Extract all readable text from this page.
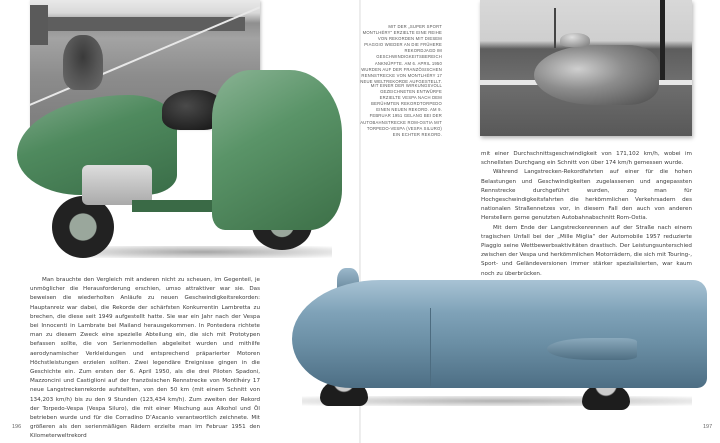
MIT DER „SUPER SPORT MONTLHÉRY“ ERZIELTE EINE REIHE VON REKORDEN MIT DIESEM PIAGGIO WIEDER AN DIE FRÜHERE REKORDJAGD IM GESCHWINDIGKEITSBEREICH ANKNÜPFTE. AM 6. APRIL 1950 WURDEN AUF DER FRANZÖSISCHEN RENNSTRECKE VON MONTLHÉRY 17 NEUE WELTREKORDE AUFGESTELLT.
MIT EINER DER WIRKUNGSVOLL GEZEICHNETEN ENTWÜRFE ERZIELTE VESPA NACH DEM BERÜHMTEN REKORDTORPEDO EINEN NEUEN REKORD. AM 9. FEBRUAR 1951 GELANG BEI DER AUTOBAHNSTRECKE ROM-OSTIA MIT TORPEDO-VESPA (VESPA SILURO) EIN ECHTER REKORD.

mit einer Durchschnittsgeschwindigkeit von 171,102 km/h, wobei im schnellsten Durchgang ein Schnitt von über 174 km/h gemessen wurde.

Während Langstrecken-Rekordfahrten auf einer für die hohen Belastungen und Geschwindigkeiten zugelassenen und angepassten Rennstrecke durchgeführt wurden, zog man für Hochgeschwindigkeitsfahrten die herkömmlichen Verkehrsadern des nationalen Straßennetzes vor, in diesem Fall den auch von anderen Herstellern gerne genutzten Autobahnabschnitt Rom-Ostia.

Mit dem Ende der Langstreckenrennen auf der Straße nach einem tragischen Unfall bei der „Mille Miglia“ der Automobile 1957 reduzierte Piaggio seine Wettbewerbsaktivitäten drastisch. Der Leistungsunterschied zwischen der Vespa und herkömmlichen Motorrädern, die sich mit Touring-, Sport- und Geländeversionen immer stärker spezialisierten, war kaum noch zu überbrücken.

Man brauchte den Vergleich mit anderen nicht zu scheuen, im Gegenteil, je unmöglicher die Herausforderung erschien, umso attraktiver war sie. Das beweisen die wiederholten Anläufe zu neuen Geschwindigkeitsrekorden: Hauptanreiz war dabei, die Rekorde der schärfsten Konkurrentin Lambretta zu brechen, die diese seit 1949 aufgestellt hatte. Sie war ein Jahr nach der Vespa bei Innocenti in Lambrate bei Mailand herausgekommen. In Pontedera richtete man zu diesem Zweck eine spezielle Abteilung ein, die sich mit Prototypen befassen sollte, die von Serienmodellen abgeleitet wurden und mithilfe aerodynamischer Verkleidungen und entsprechend präparierter Motoren Höchstleistungen erzielen sollten. Zwei legendäre Ereignisse gingen in die Geschichte ein. Zum ersten der 6. April 1950, als die drei Piloten Spadoni, Mazzoncini und Castiglioni auf der französischen Rennstrecke von Montlhéry 17 neue Langstreckenrekorde aufstellten, von den 50 km (mit einem Schnitt von 134,203 km/h) bis zu den 9 Stunden (123,434 km/h). Zum zweiten der Rekord der Torpedo-Vespa (Vespa Siluro), die mit einer Mischung aus Alkohol und Öl betrieben wurde und für die Corradino D’Ascanio verantwortlich zeichnete. Mit größeren als den serienmäßigen Rädern erzielte man im Februar 1951 den Kilometerweltrekord

196	197
